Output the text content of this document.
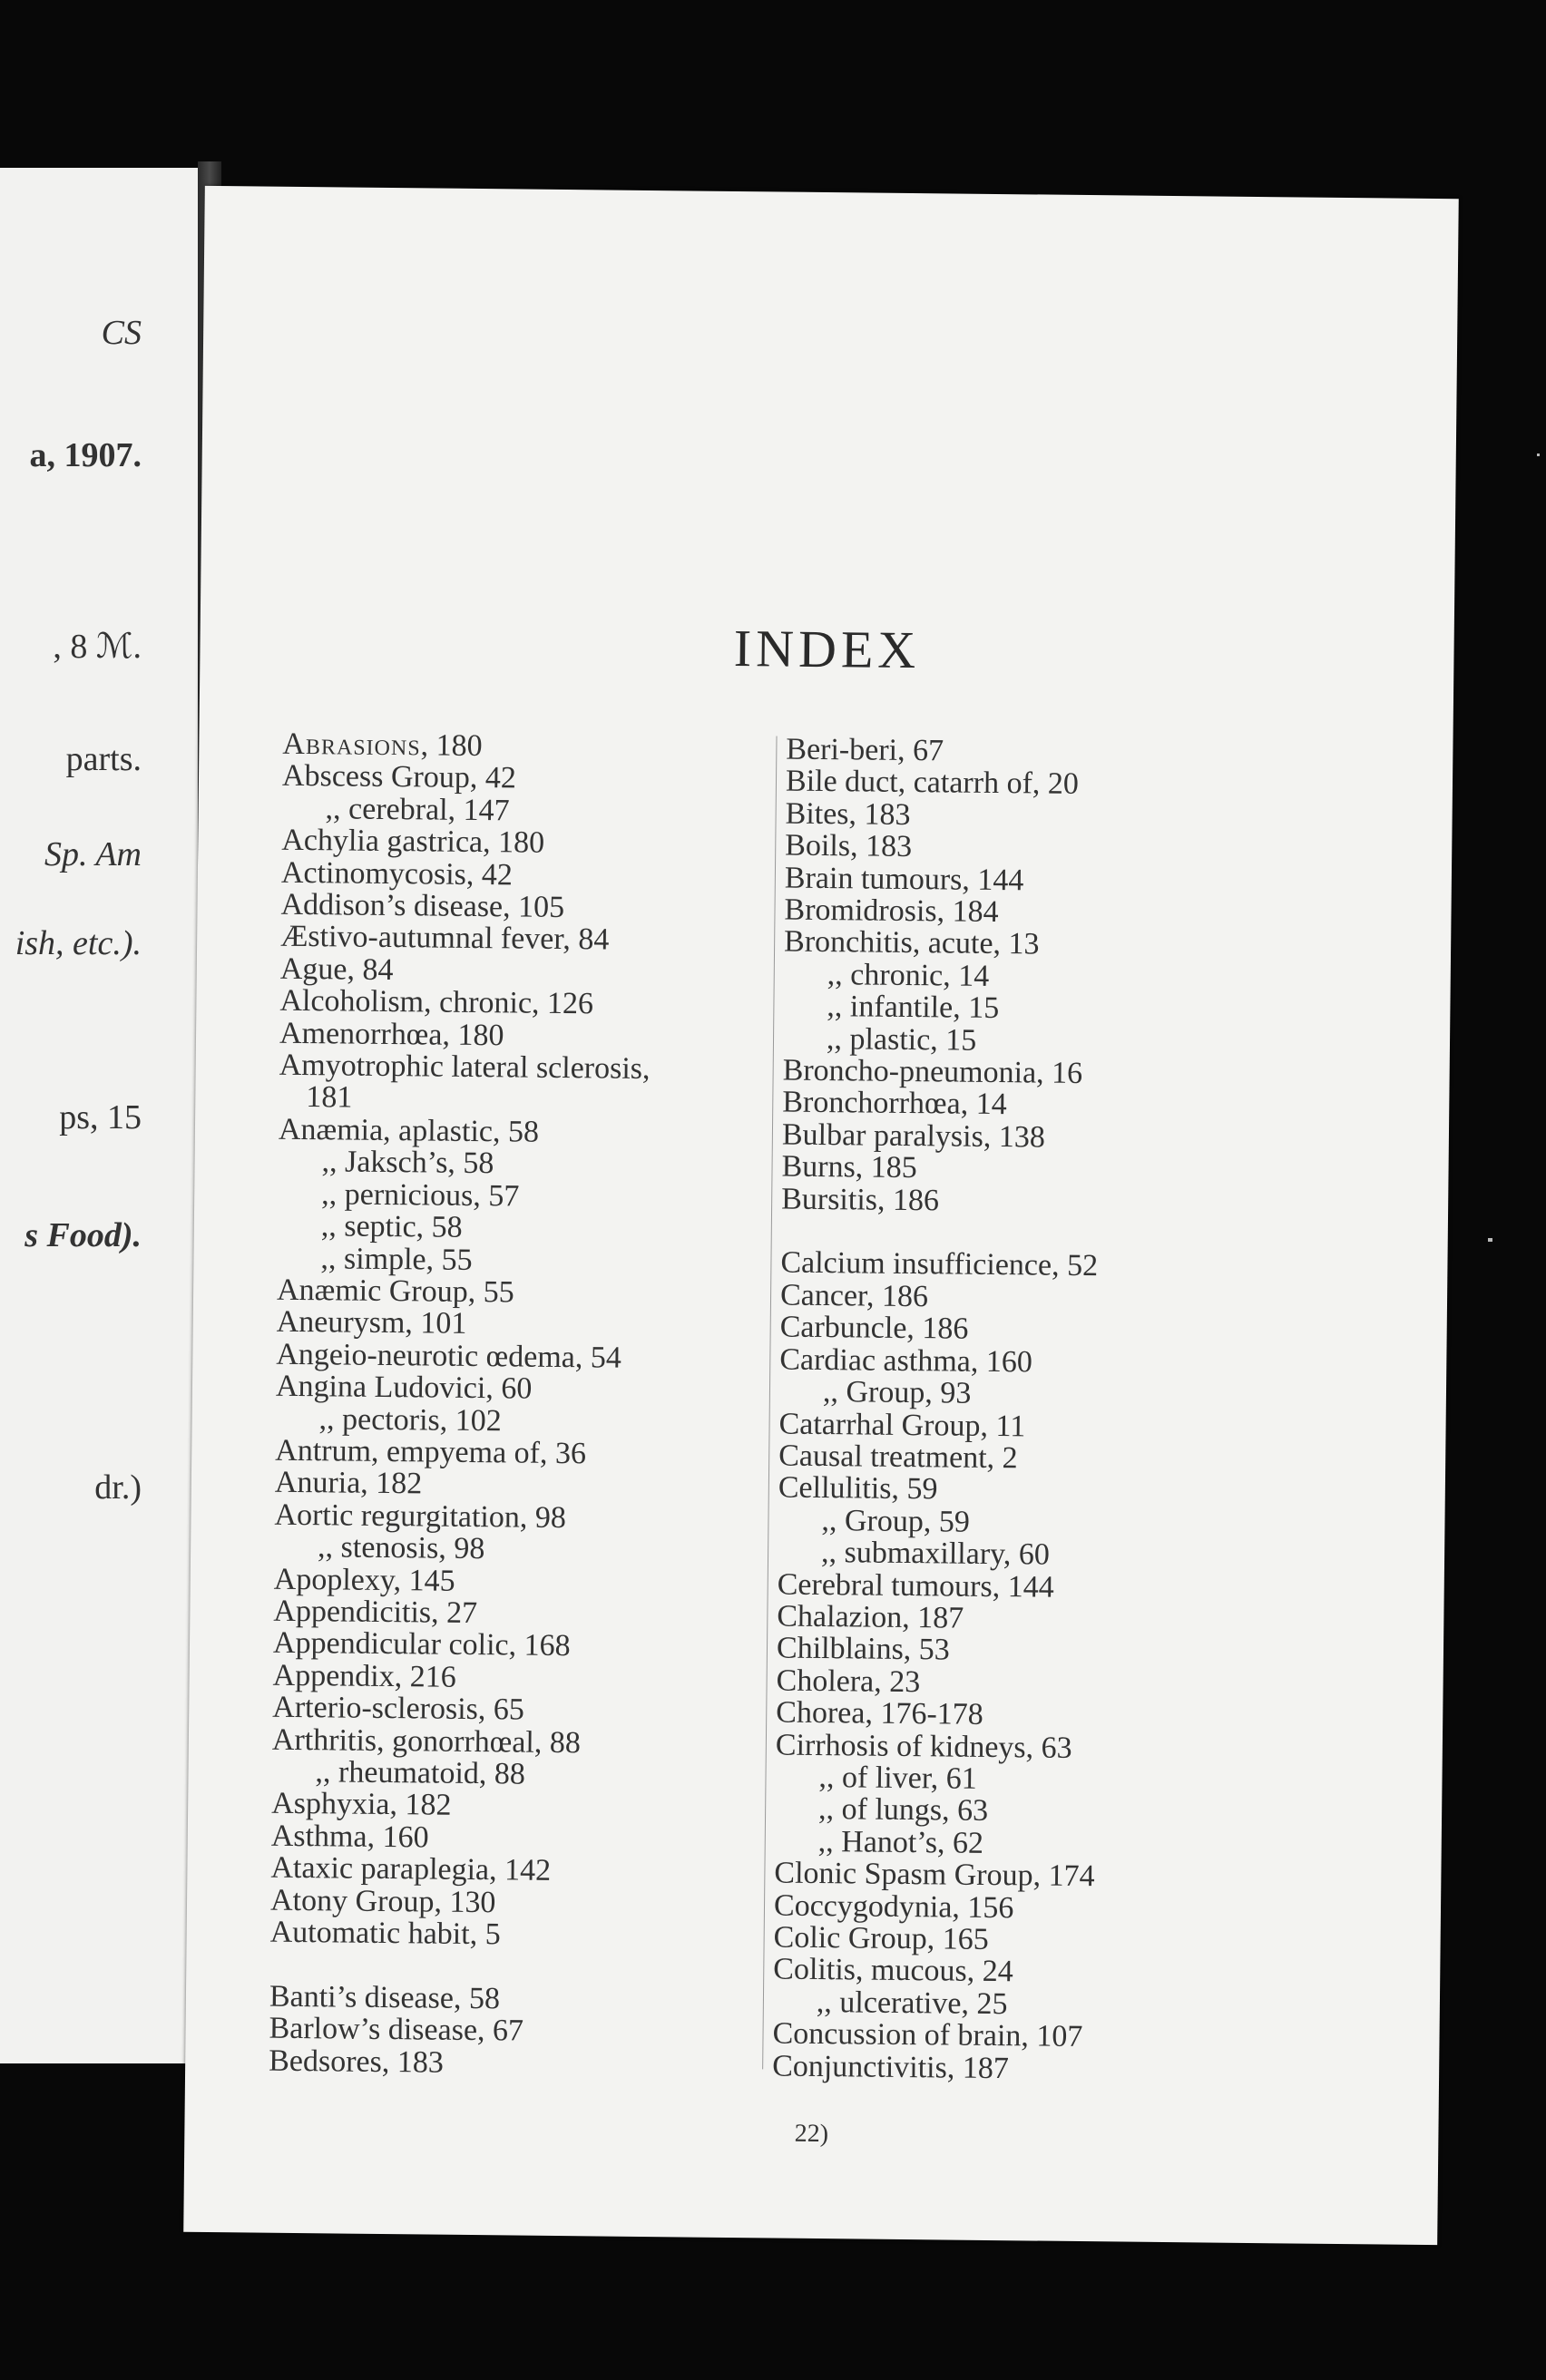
CS
a, 1907.
, 8 ℳ.
parts.
Sp. Am
ish, etc.).
ps, 15
s Food).
dr.)
INDEX
Abrasions, 180
Abscess Group, 42
,, cerebral, 147
Achylia gastrica, 180
Actinomycosis, 42
Addison’s disease, 105
Æstivo-autumnal fever, 84
Ague, 84
Alcoholism, chronic, 126
Amenorrhœa, 180
Amyotrophic lateral sclerosis,
181
Anæmia, aplastic, 58
,, Jaksch’s, 58
,, pernicious, 57
,, septic, 58
,, simple, 55
Anæmic Group, 55
Aneurysm, 101
Angeio-neurotic œdema, 54
Angina Ludovici, 60
,, pectoris, 102
Antrum, empyema of, 36
Anuria, 182
Aortic regurgitation, 98
,, stenosis, 98
Apoplexy, 145
Appendicitis, 27
Appendicular colic, 168
Appendix, 216
Arterio-sclerosis, 65
Arthritis, gonorrhœal, 88
,, rheumatoid, 88
Asphyxia, 182
Asthma, 160
Ataxic paraplegia, 142
Atony Group, 130
Automatic habit, 5
Banti’s disease, 58
Barlow’s disease, 67
Bedsores, 183
Beri-beri, 67
Bile duct, catarrh of, 20
Bites, 183
Boils, 183
Brain tumours, 144
Bromidrosis, 184
Bronchitis, acute, 13
,, chronic, 14
,, infantile, 15
,, plastic, 15
Broncho-pneumonia, 16
Bronchorrhœa, 14
Bulbar paralysis, 138
Burns, 185
Bursitis, 186
Calcium insufficience, 52
Cancer, 186
Carbuncle, 186
Cardiac asthma, 160
,, Group, 93
Catarrhal Group, 11
Causal treatment, 2
Cellulitis, 59
,, Group, 59
,, submaxillary, 60
Cerebral tumours, 144
Chalazion, 187
Chilblains, 53
Cholera, 23
Chorea, 176-178
Cirrhosis of kidneys, 63
,, of liver, 61
,, of lungs, 63
,, Hanot’s, 62
Clonic Spasm Group, 174
Coccygodynia, 156
Colic Group, 165
Colitis, mucous, 24
,, ulcerative, 25
Concussion of brain, 107
Conjunctivitis, 187
22)
